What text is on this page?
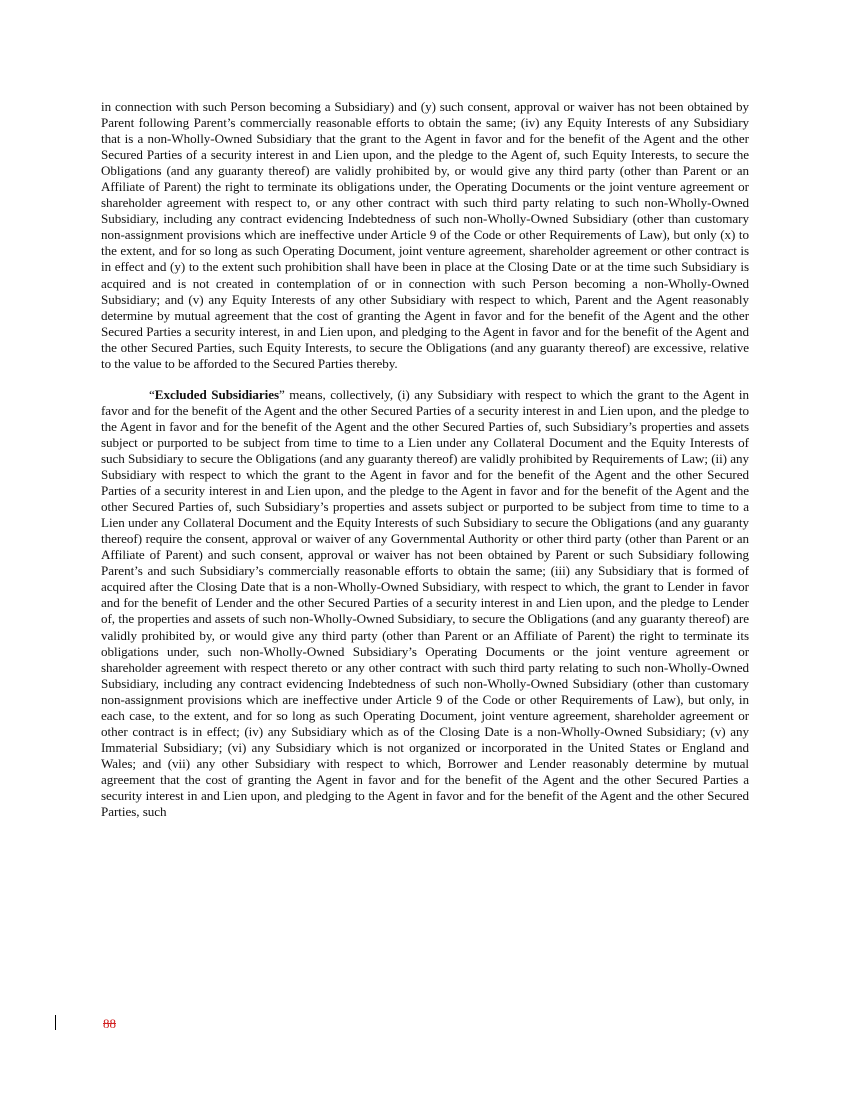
in connection with such Person becoming a Subsidiary) and (y) such consent, approval or waiver has not been obtained by Parent following Parent’s commercially reasonable efforts to obtain the same; (iv) any Equity Interests of any Subsidiary that is a non-Wholly-Owned Subsidiary that the grant to the Agent in favor and for the benefit of the Agent and the other Secured Parties of a security interest in and Lien upon, and the pledge to the Agent of, such Equity Interests, to secure the Obligations (and any guaranty thereof) are validly prohibited by, or would give any third party (other than Parent or an Affiliate of Parent) the right to terminate its obligations under, the Operating Documents or the joint venture agreement or shareholder agreement with respect to, or any other contract with such third party relating to such non-Wholly-Owned Subsidiary, including any contract evidencing Indebtedness of such non-Wholly-Owned Subsidiary (other than customary non-assignment provisions which are ineffective under Article 9 of the Code or other Requirements of Law), but only (x) to the extent, and for so long as such Operating Document, joint venture agreement, shareholder agreement or other contract is in effect and (y) to the extent such prohibition shall have been in place at the Closing Date or at the time such Subsidiary is acquired and is not created in contemplation of or in connection with such Person becoming a non-Wholly-Owned Subsidiary; and (v) any Equity Interests of any other Subsidiary with respect to which, Parent and the Agent reasonably determine by mutual agreement that the cost of granting the Agent in favor and for the benefit of the Agent and the other Secured Parties a security interest, in and Lien upon, and pledging to the Agent in favor and for the benefit of the Agent and the other Secured Parties, such Equity Interests, to secure the Obligations (and any guaranty thereof) are excessive, relative to the value to be afforded to the Secured Parties thereby.

“Excluded Subsidiaries” means, collectively, (i) any Subsidiary with respect to which the grant to the Agent in favor and for the benefit of the Agent and the other Secured Parties of a security interest in and Lien upon, and the pledge to the Agent in favor and for the benefit of the Agent and the other Secured Parties of, such Subsidiary’s properties and assets subject or purported to be subject from time to time to a Lien under any Collateral Document and the Equity Interests of such Subsidiary to secure the Obligations (and any guaranty thereof) are validly prohibited by Requirements of Law; (ii) any Subsidiary with respect to which the grant to the Agent in favor and for the benefit of the Agent and the other Secured Parties of a security interest in and Lien upon, and the pledge to the Agent in favor and for the benefit of the Agent and the other Secured Parties of, such Subsidiary’s properties and assets subject or purported to be subject from time to time to a Lien under any Collateral Document and the Equity Interests of such Subsidiary to secure the Obligations (and any guaranty thereof) require the consent, approval or waiver of any Governmental Authority or other third party (other than Parent or an Affiliate of Parent) and such consent, approval or waiver has not been obtained by Parent or such Subsidiary following Parent’s and such Subsidiary’s commercially reasonable efforts to obtain the same; (iii) any Subsidiary that is formed of acquired after the Closing Date that is a non-Wholly-Owned Subsidiary, with respect to which, the grant to Lender in favor and for the benefit of Lender and the other Secured Parties of a security interest in and Lien upon, and the pledge to Lender of, the properties and assets of such non-Wholly-Owned Subsidiary, to secure the Obligations (and any guaranty thereof) are validly prohibited by, or would give any third party (other than Parent or an Affiliate of Parent) the right to terminate its obligations under, such non-Wholly-Owned Subsidiary’s Operating Documents or the joint venture agreement or shareholder agreement with respect thereto or any other contract with such third party relating to such non-Wholly-Owned Subsidiary, including any contract evidencing Indebtedness of such non-Wholly-Owned Subsidiary (other than customary non-assignment provisions which are ineffective under Article 9 of the Code or other Requirements of Law), but only, in each case, to the extent, and for so long as such Operating Document, joint venture agreement, shareholder agreement or other contract is in effect; (iv) any Subsidiary which as of the Closing Date is a non-Wholly-Owned Subsidiary; (v) any Immaterial Subsidiary; (vi) any Subsidiary which is not organized or incorporated in the United States or England and Wales; and (vii) any other Subsidiary with respect to which, Borrower and Lender reasonably determine by mutual agreement that the cost of granting the Agent in favor and for the benefit of the Agent and the other Secured Parties a security interest in and Lien upon, and pledging to the Agent in favor and for the benefit of the Agent and the other Secured Parties, such

88
